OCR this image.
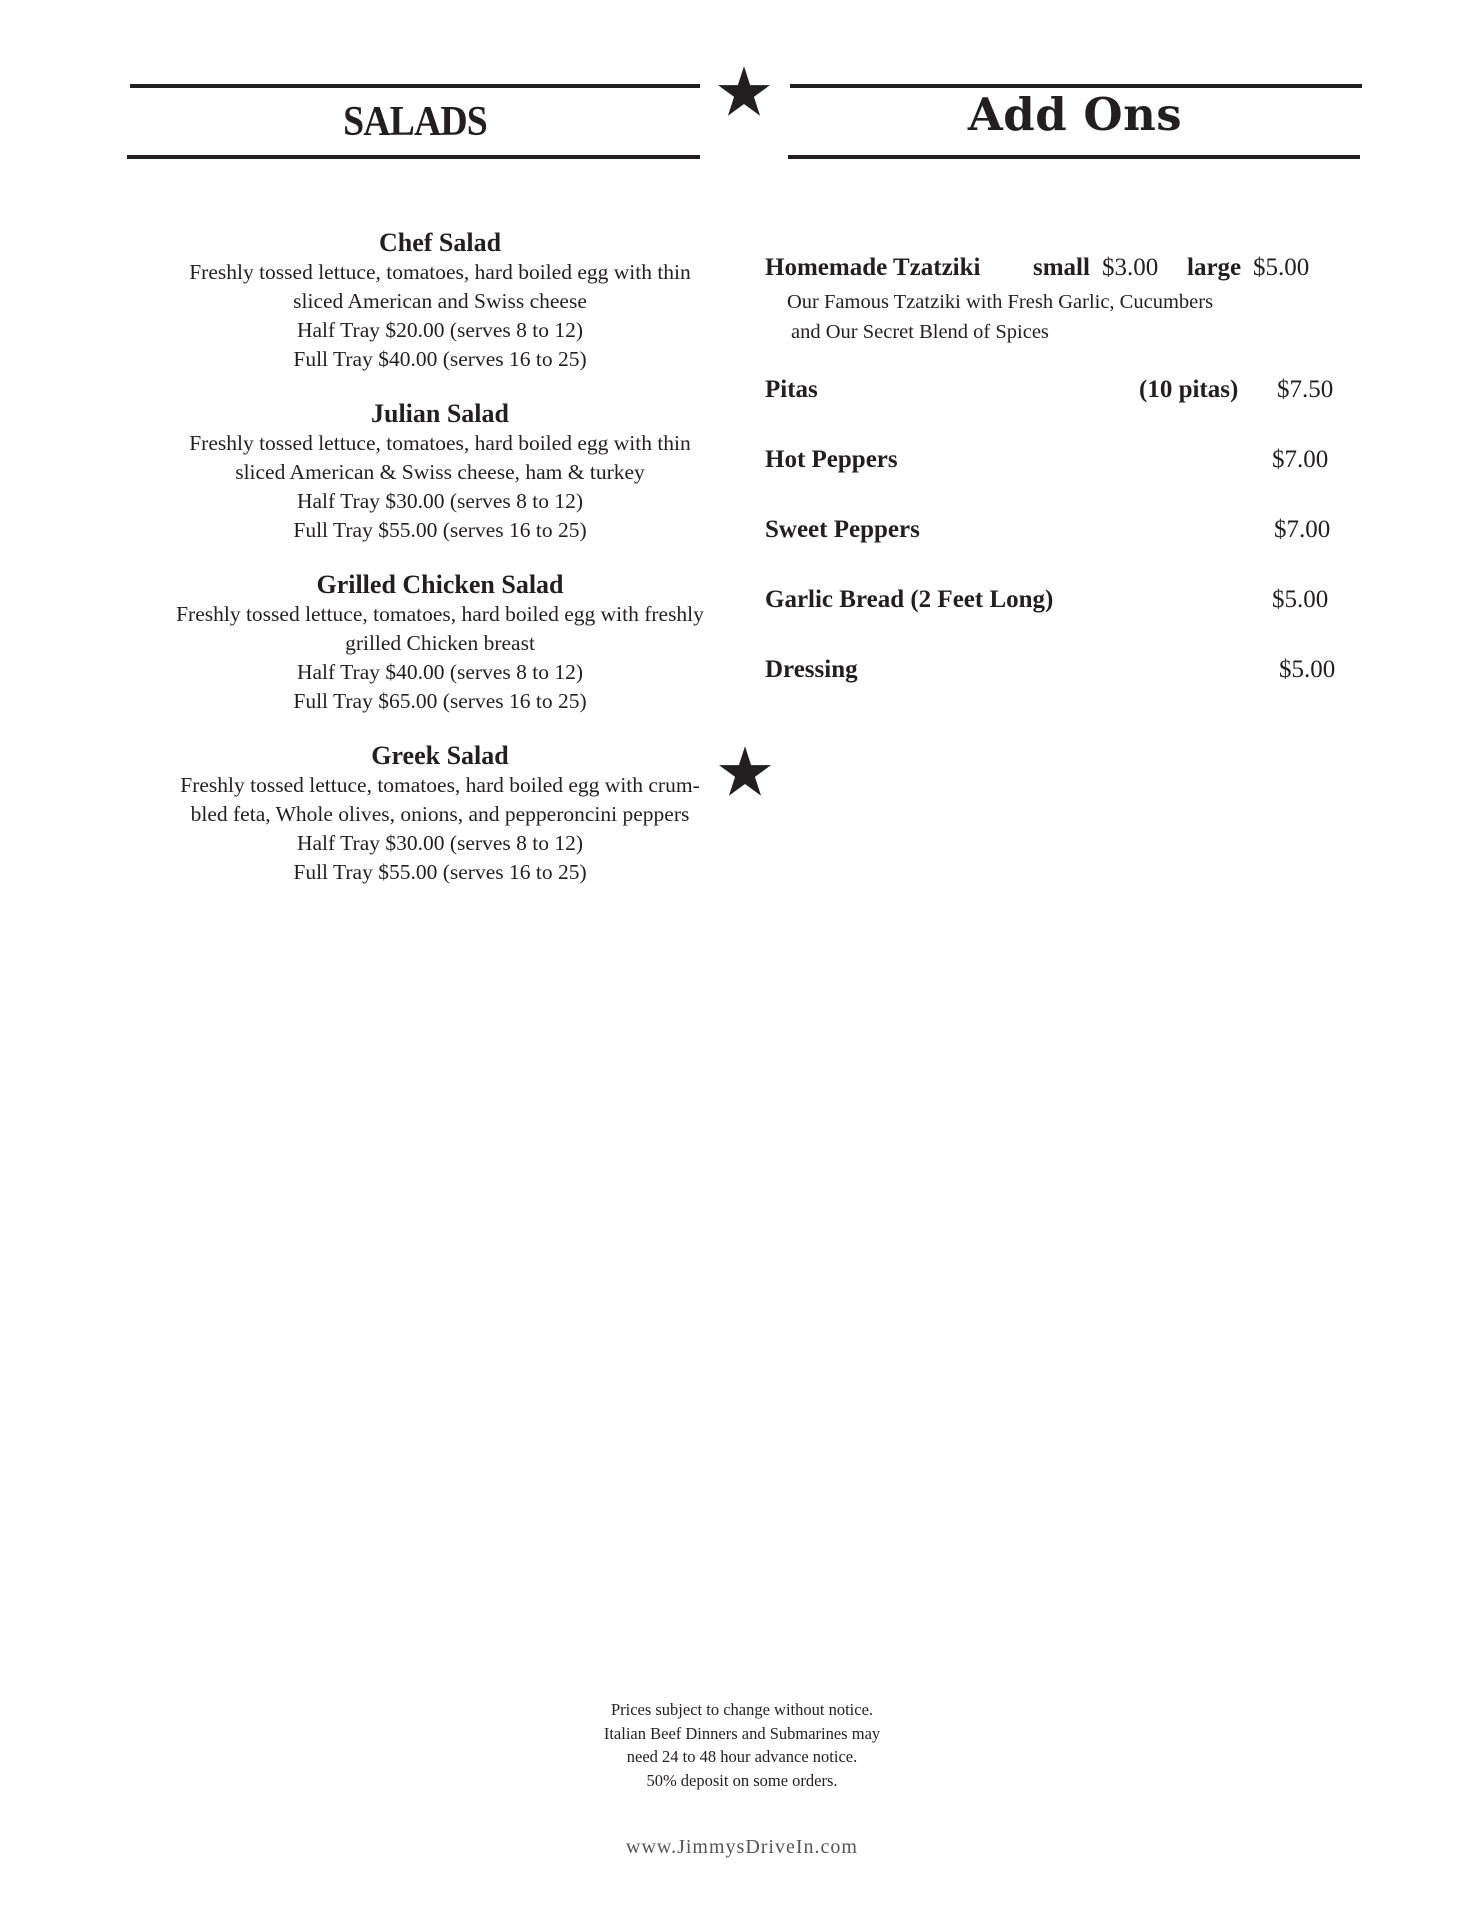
SALADS	Add Ons
Chef Salad
Freshly tossed lettuce, tomatoes, hard boiled egg with thin
sliced American and Swiss cheese
Half Tray $20.00 (serves 8 to 12)
Full Tray $40.00 (serves 16 to 25)
Julian Salad
Freshly tossed lettuce, tomatoes, hard boiled egg with thin
sliced American & Swiss cheese, ham & turkey
Half Tray $30.00 (serves 8 to 12)
Full Tray $55.00 (serves 16 to 25)
Grilled Chicken Salad
Freshly tossed lettuce, tomatoes, hard boiled egg with freshly
grilled Chicken breast
Half Tray $40.00 (serves 8 to 12)
Full Tray $65.00 (serves 16 to 25)
Greek Salad
Freshly tossed lettuce, tomatoes, hard boiled egg with crum-
bled feta, Whole olives, onions, and pepperoncini peppers
Half Tray $30.00 (serves 8 to 12)
Full Tray $55.00 (serves 16 to 25)
Homemade Tzatziki small $3.00 large $5.00
Our Famous Tzatziki with Fresh Garlic, Cucumbers
and Our Secret Blend of Spices
Pitas	(10 pitas) $7.50
Hot Peppers	$7.00
Sweet Peppers	$7.00
Garlic Bread (2 Feet Long)	$5.00
Dressing	$5.00
Prices subject to change without notice.
Italian Beef Dinners and Submarines may
need 24 to 48 hour advance notice.
50% deposit on some orders.
www.JimmysDriveIn.com
